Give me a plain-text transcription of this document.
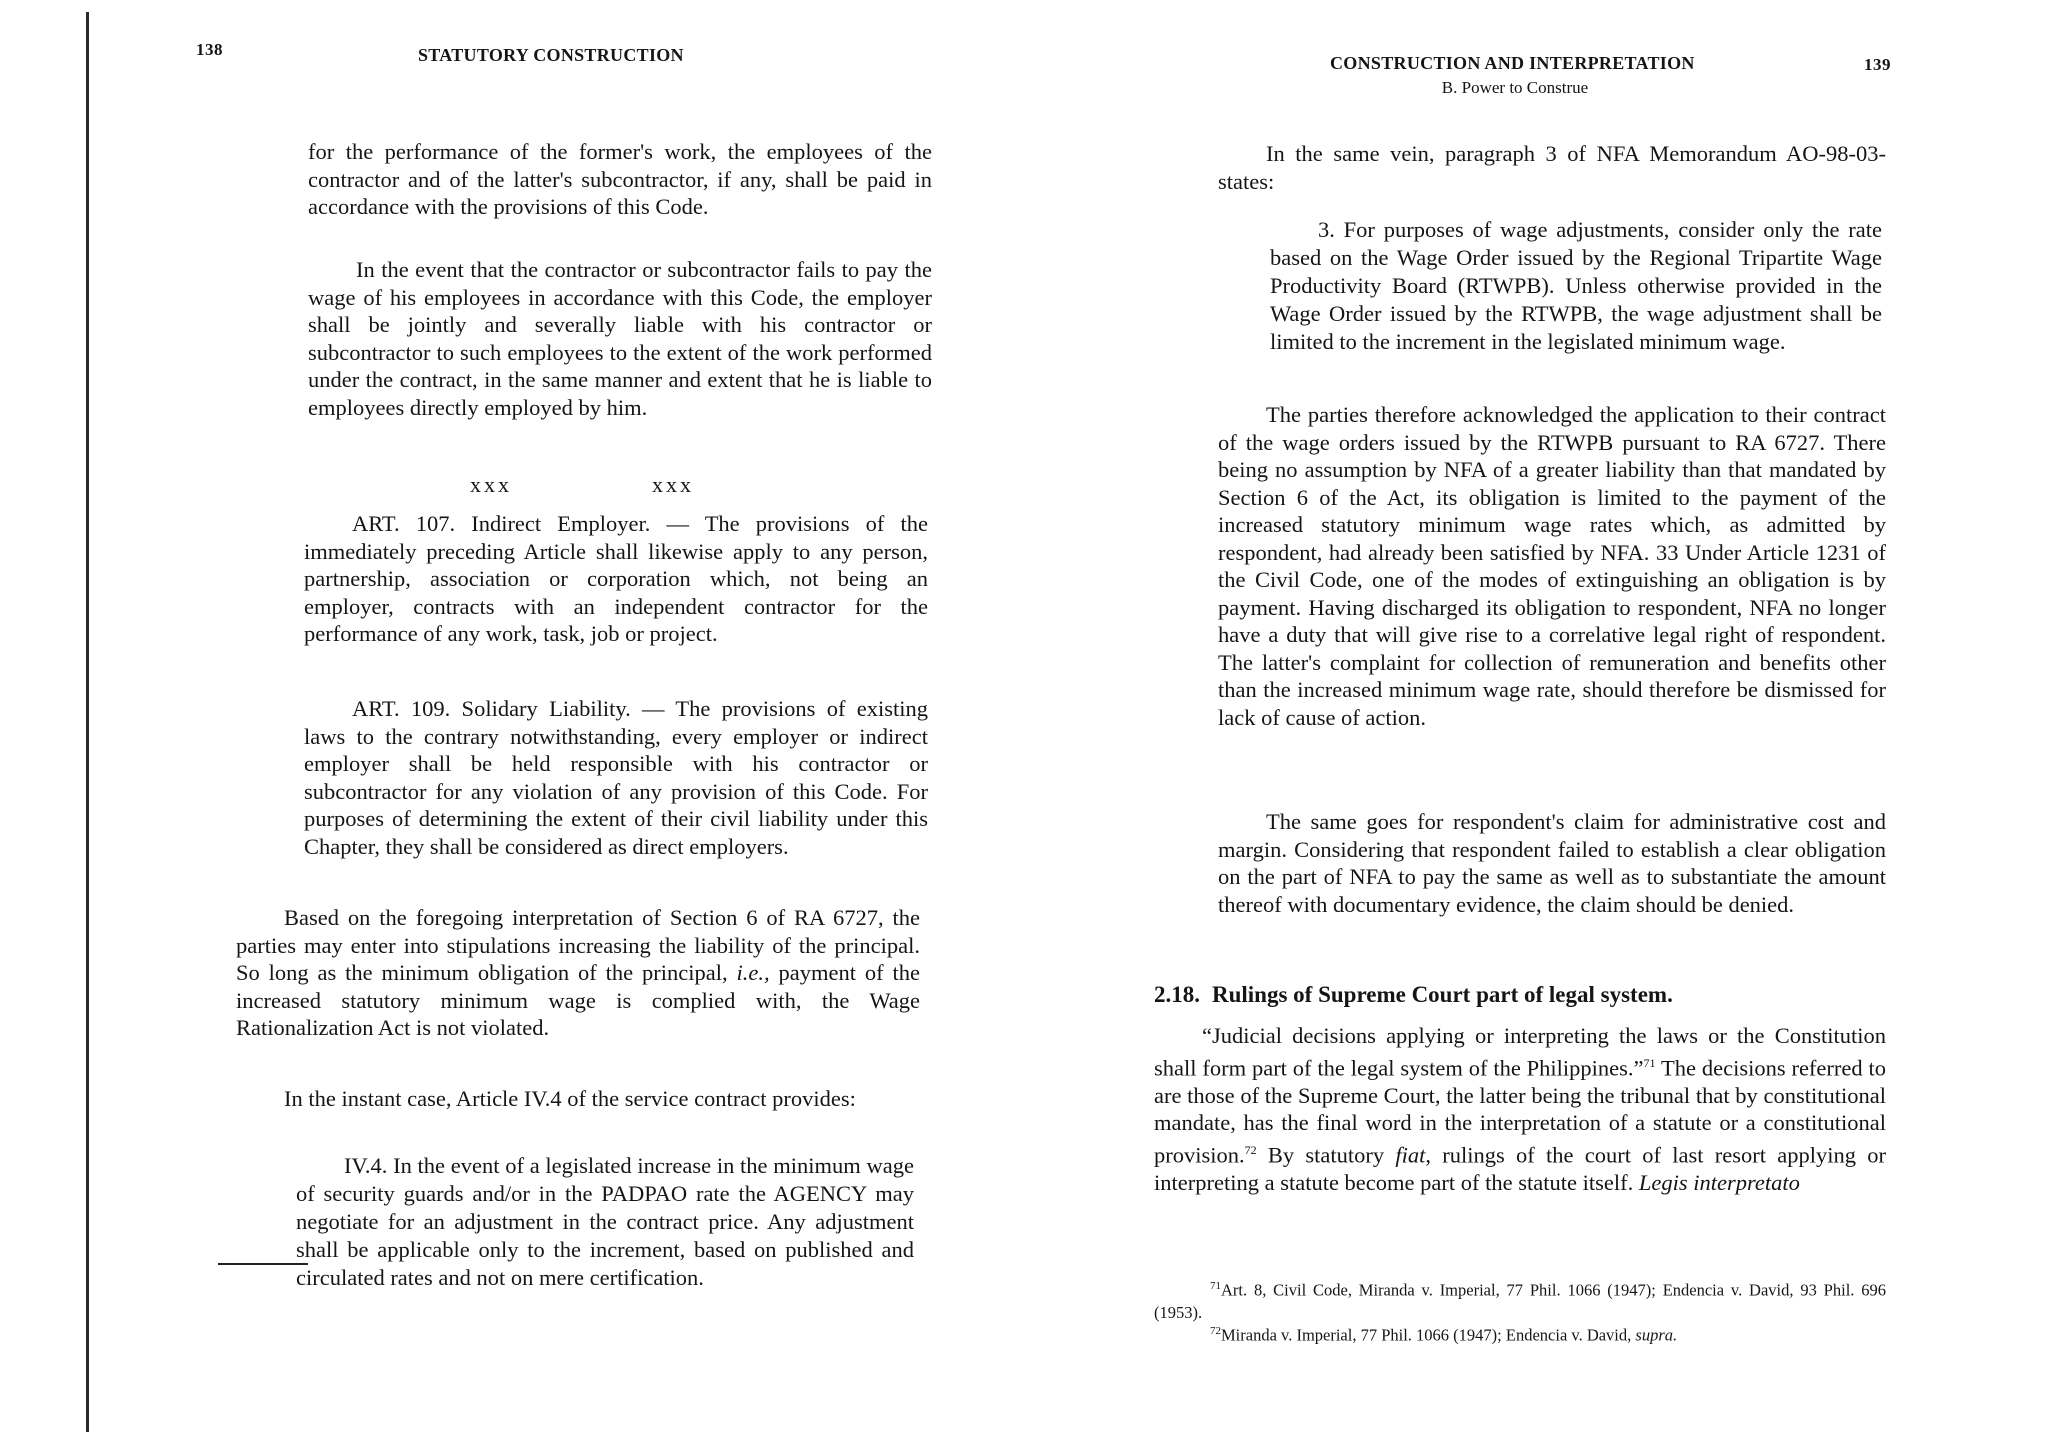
138	STATUTORY CONSTRUCTION

for the performance of the former's work, the employees of the contractor and of the latter's subcontractor, if any, shall be paid in accordance with the provisions of this Code.

In the event that the contractor or subcontractor fails to pay the wage of his employees in accordance with this Code, the employer shall be jointly and severally liable with his contractor or subcontractor to such employees to the extent of the work performed under the contract, in the same manner and extent that he is liable to employees directly employed by him.

xxx	xxx

ART. 107. Indirect Employer. — The provisions of the immediately preceding Article shall likewise apply to any person, partnership, association or corporation which, not being an employer, contracts with an independent contractor for the performance of any work, task, job or project.

ART. 109. Solidary Liability. — The provisions of existing laws to the contrary notwithstanding, every employer or indirect employer shall be held responsible with his contractor or subcontractor for any violation of any provision of this Code. For purposes of determining the extent of their civil liability under this Chapter, they shall be considered as direct employers.

Based on the foregoing interpretation of Section 6 of RA 6727, the parties may enter into stipulations increasing the liability of the principal. So long as the minimum obligation of the principal, i.e., payment of the increased statutory minimum wage is complied with, the Wage Rationalization Act is not violated.

In the instant case, Article IV.4 of the service contract provides:

IV.4. In the event of a legislated increase in the minimum wage of security guards and/or in the PADPAO rate the AGENCY may negotiate for an adjustment in the contract price. Any adjustment shall be applicable only to the increment, based on published and circulated rates and not on mere certification.

CONSTRUCTION AND INTERPRETATION
B. Power to Construe
139

In the same vein, paragraph 3 of NFA Memorandum AO-98-03- states:

3. For purposes of wage adjustments, consider only the rate based on the Wage Order issued by the Regional Tripartite Wage Productivity Board (RTWPB). Unless otherwise provided in the Wage Order issued by the RTWPB, the wage adjustment shall be limited to the increment in the legislated minimum wage.

The parties therefore acknowledged the application to their contract of the wage orders issued by the RTWPB pursuant to RA 6727. There being no assumption by NFA of a greater liability than that mandated by Section 6 of the Act, its obligation is limited to the payment of the increased statutory minimum wage rates which, as admitted by respondent, had already been satisfied by NFA. 33 Under Article 1231 of the Civil Code, one of the modes of extinguishing an obligation is by payment. Having discharged its obligation to respondent, NFA no longer have a duty that will give rise to a correlative legal right of respondent. The latter's complaint for collection of remuneration and benefits other than the increased minimum wage rate, should therefore be dismissed for lack of cause of action.

The same goes for respondent's claim for administrative cost and margin. Considering that respondent failed to establish a clear obligation on the part of NFA to pay the same as well as to substantiate the amount thereof with documentary evidence, the claim should be denied.

2.18. Rulings of Supreme Court part of legal system.

“Judicial decisions applying or interpreting the laws or the Constitution shall form part of the legal system of the Philippines.”$^{71}$ The decisions referred to are those of the Supreme Court, the latter being the tribunal that by constitutional mandate, has the final word in the interpretation of a statute or a constitutional provision.$^{72}$ By statutory fiat, rulings of the court of last resort applying or interpreting a statute become part of the statute itself. Legis interpretato

$^{71}$Art. 8, Civil Code, Miranda v. Imperial, 77 Phil. 1066 (1947); Endencia v. David, 93 Phil. 696 (1953).

$^{72}$Miranda v. Imperial, 77 Phil. 1066 (1947); Endencia v. David, supra.
